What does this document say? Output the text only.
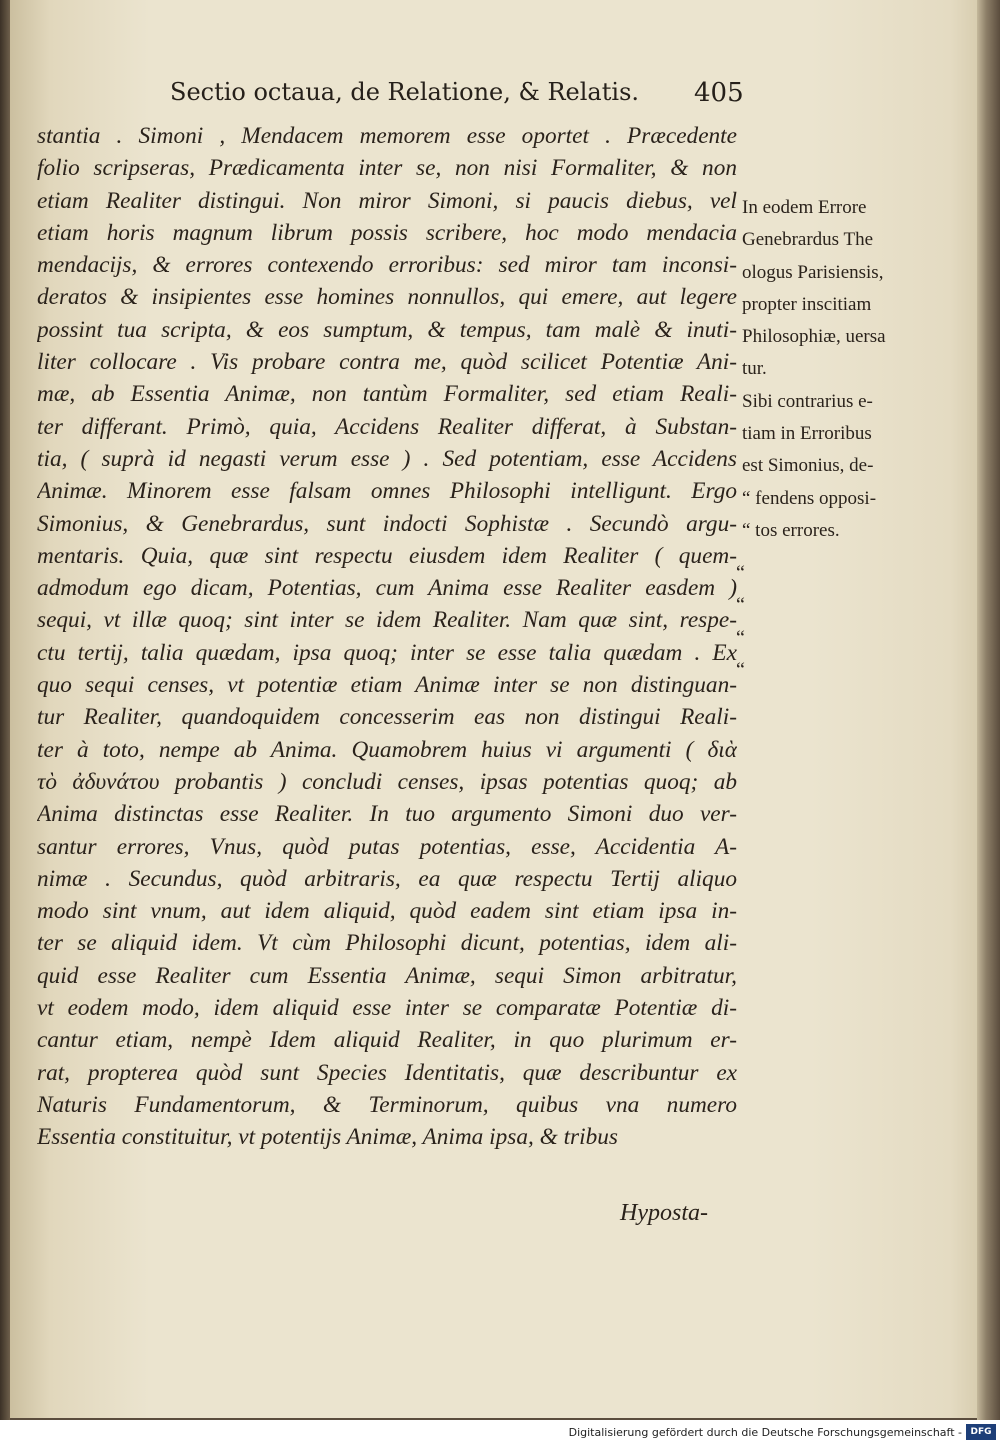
Sectio octaua, de Relatione, & Relatis. 405
stantia . Simoni , Mendacem memorem esse oportet . Præcedente
folio scripseras, Prædicamenta inter se, non nisi Formaliter, & non
etiam Realiter distingui. Non miror Simoni, si paucis diebus, vel
etiam horis magnum librum possis scribere, hoc modo mendacia
mendacijs, & errores contexendo erroribus: sed miror tam inconsi-
deratos & insipientes esse homines nonnullos, qui emere, aut legere
possint tua scripta, & eos sumptum, & tempus, tam malè & inuti-
liter collocare . Vis probare contra me, quòd scilicet Potentiæ Ani-
mæ, ab Essentia Animæ, non tantùm Formaliter, sed etiam Reali-
ter differant. Primò, quia, Accidens Realiter differat, à Substan-
tia, ( suprà id negasti verum esse ) . Sed potentiam, esse Accidens
Animæ. Minorem esse falsam omnes Philosophi intelligunt. Ergo
Simonius, & Genebrardus, sunt indocti Sophistæ . Secundò argu-
mentaris. Quia, quæ sint respectu eiusdem idem Realiter ( quem-
admodum ego dicam, Potentias, cum Anima esse Realiter easdem )
sequi, vt illæ quoq; sint inter se idem Realiter. Nam quæ sint, respe-
ctu tertij, talia quædam, ipsa quoq; inter se esse talia quædam . Ex
quo sequi censes, vt potentiæ etiam Animæ inter se non distinguan-
tur Realiter, quandoquidem concesserim eas non distingui Reali-
ter à toto, nempe ab Anima. Quamobrem huius vi argumenti ( διὰ
τὸ ἀδυνάτου probantis ) concludi censes, ipsas potentias quoq; ab
Anima distinctas esse Realiter. In tuo argumento Simoni duo ver-
santur errores, Vnus, quòd putas potentias, esse, Accidentia A-
nimæ . Secundus, quòd arbitraris, ea quæ respectu Tertij aliquo
modo sint vnum, aut idem aliquid, quòd eadem sint etiam ipsa in-
ter se aliquid idem. Vt cùm Philosophi dicunt, potentias, idem ali-
quid esse Realiter cum Essentia Animæ, sequi Simon arbitratur,
vt eodem modo, idem aliquid esse inter se comparatæ Potentiæ di-
cantur etiam, nempè Idem aliquid Realiter, in quo plurimum er-
rat, propterea quòd sunt Species Identitatis, quæ describuntur ex
Naturis Fundamentorum, & Terminorum, quibus vna numero
Essentia constituitur, vt potentijs Animæ, Anima ipsa, & tribus
In eodem Errore
Genebrardus The
ologus Parisiensis,
propter inscitiam
Philosophiæ, uersa
tur.
Sibi contrarius e-
tiam in Erroribus
est Simonius, de-
“ fendens opposi-
“ tos errores.
“
“
“
“
Hyposta-
Digitalisierung gefördert durch die Deutsche Forschungsgemeinschaft - DFG
